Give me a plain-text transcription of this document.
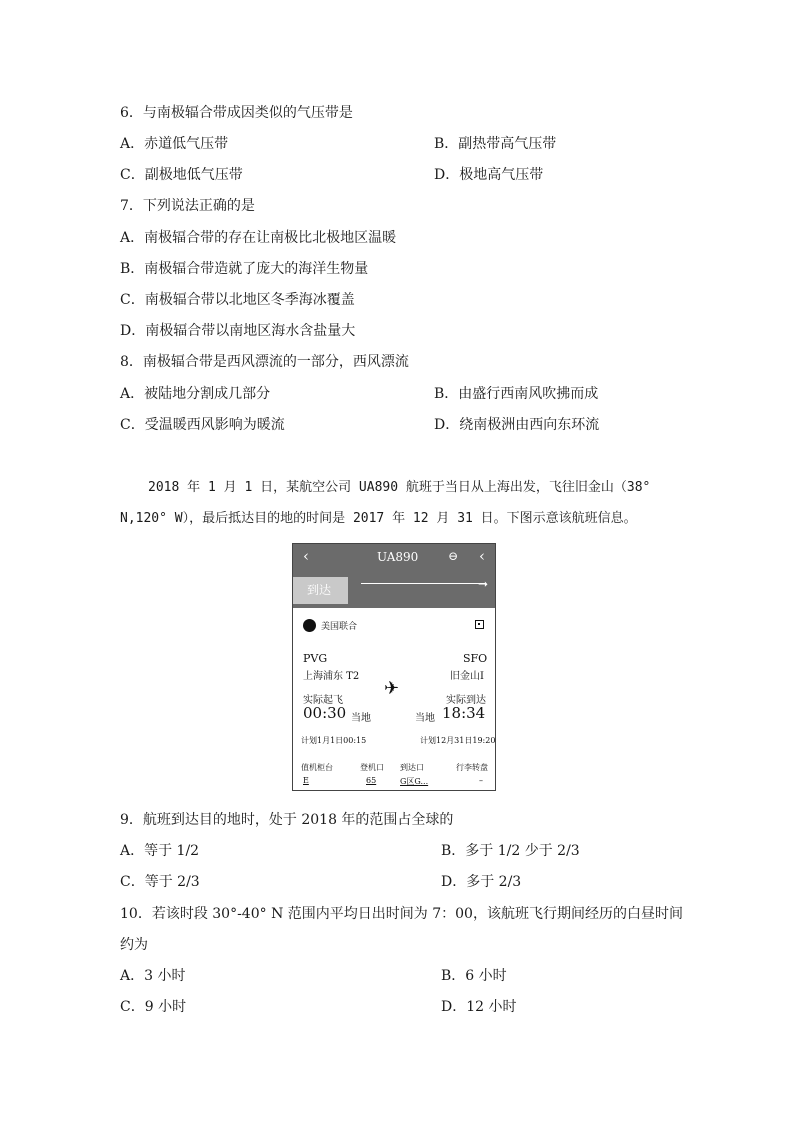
6．与南极辐合带成因类似的气压带是
A．赤道低气压带	B．副热带高气压带
C．副极地低气压带	D．极地高气压带
7．下列说法正确的是
A．南极辐合带的存在让南极比北极地区温暖
B．南极辐合带造就了庞大的海洋生物量
C．南极辐合带以北地区冬季海冰覆盖
D．南极辐合带以南地区海水含盐量大
8．南极辐合带是西风漂流的一部分，西风漂流
A．被陆地分割成几部分	B．由盛行西南风吹拂而成
C．受温暖西风影响为暖流	D．绕南极洲由西向东环流
2018 年 1 月 1 日，某航空公司 UA890 航班于当日从上海出发，飞往旧金山（38°
N,120° W），最后抵达目的地的时间是 2017 年 12 月 31 日。下图示意该航班信息。
‹	UA890 ⊖ ‹
到达	➝
美国联合
PVG
上海浦东 T2
SFO
旧金山I
✈
实际起飞
00:30 当地
实际到达
当地 18:34
计划1月1日00:15	计划12月31日19:20
值机柜台	登机口 到达口	行李转盘
E	65	G区G...	–
9．航班到达目的地时，处于 2018 年的范围占全球的
A．等于 1/2	B．多于 1/2 少于 2/3
C．等于 2/3	D．多于 2/3
10．若该时段 30°-40° N 范围内平均日出时间为 7：00，该航班飞行期间经历的白昼时间
约为
A．3 小时	B．6 小时
C．9 小时	D．12 小时
